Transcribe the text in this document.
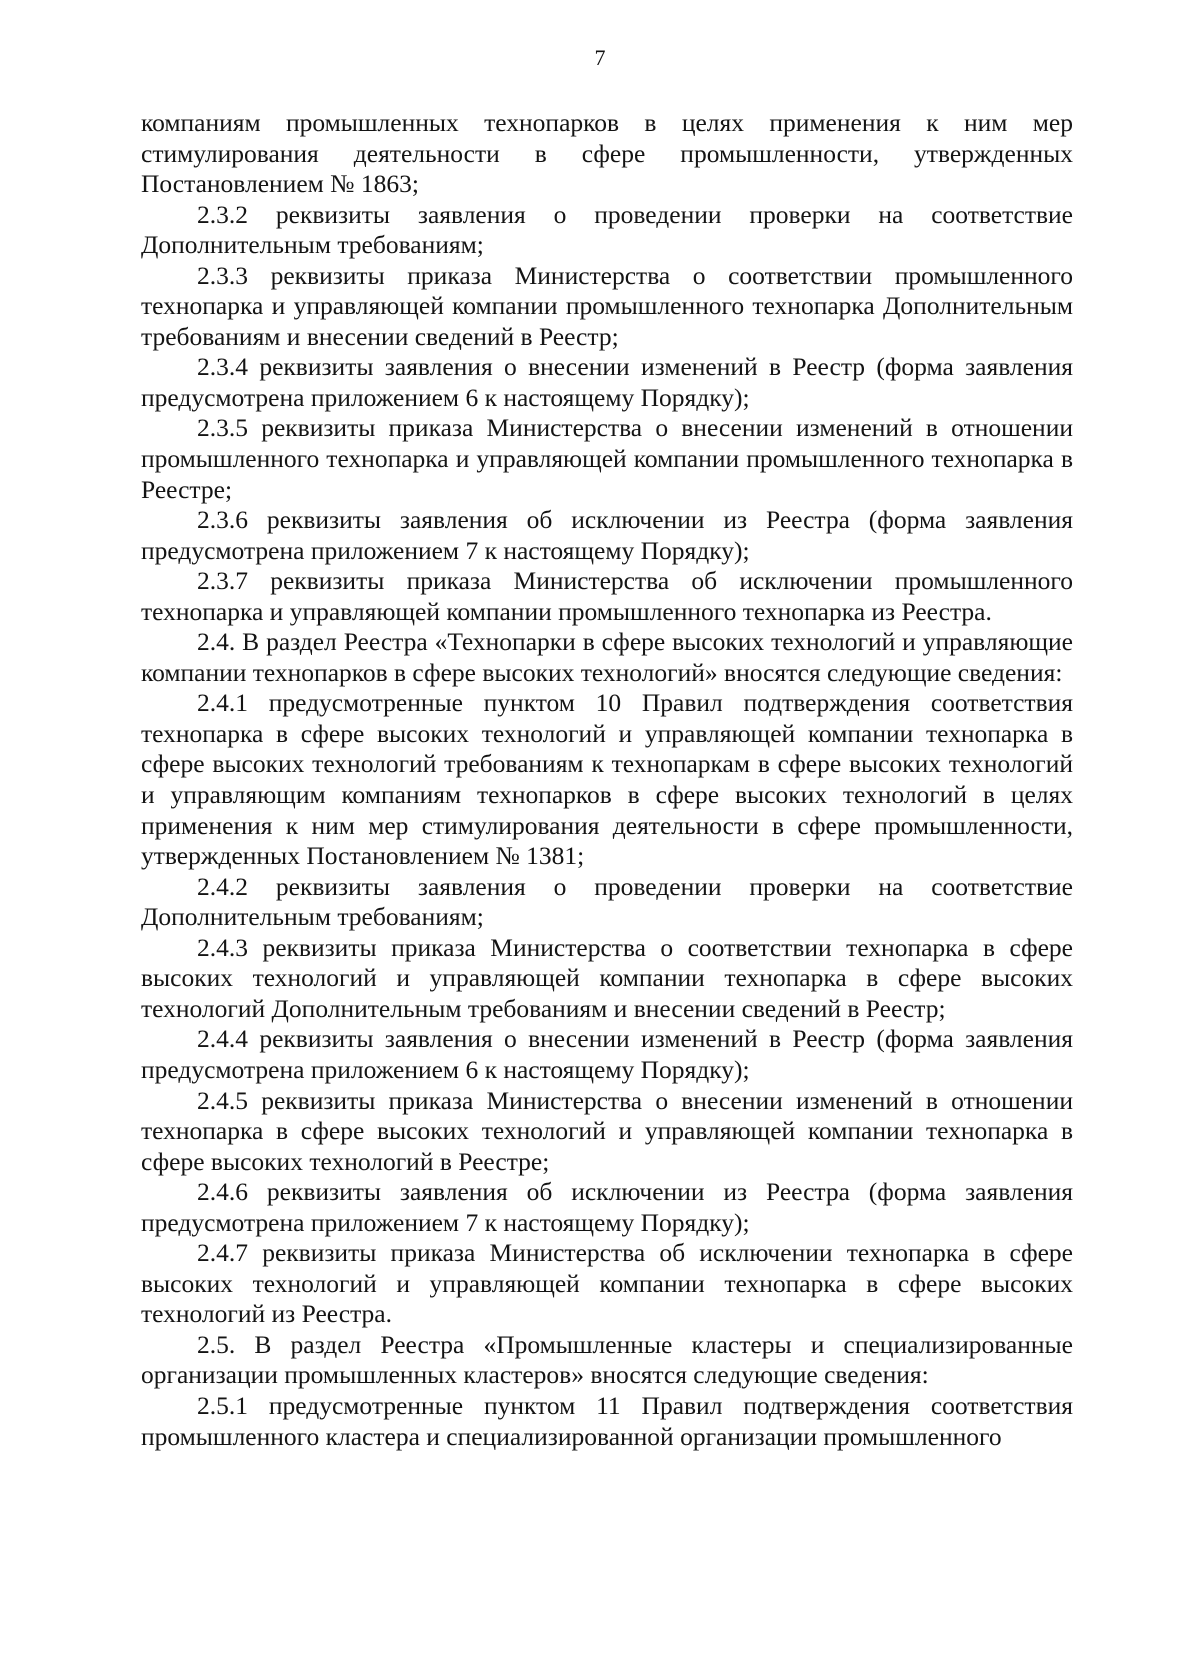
7

компаниям промышленных технопарков в целях применения к ним мер стимулирования деятельности в сфере промышленности, утвержденных Постановлением № 1863;

2.3.2 реквизиты заявления о проведении проверки на соответствие Дополнительным требованиям;

2.3.3 реквизиты приказа Министерства о соответствии промышленного технопарка и управляющей компании промышленного технопарка Дополнительным требованиям и внесении сведений в Реестр;

2.3.4 реквизиты заявления о внесении изменений в Реестр (форма заявления предусмотрена приложением 6 к настоящему Порядку);

2.3.5 реквизиты приказа Министерства о внесении изменений в отношении промышленного технопарка и управляющей компании промышленного технопарка в Реестре;

2.3.6 реквизиты заявления об исключении из Реестра (форма заявления предусмотрена приложением 7 к настоящему Порядку);

2.3.7 реквизиты приказа Министерства об исключении промышленного технопарка и управляющей компании промышленного технопарка из Реестра.

2.4. В раздел Реестра «Технопарки в сфере высоких технологий и управляющие компании технопарков в сфере высоких технологий» вносятся следующие сведения:

2.4.1 предусмотренные пунктом 10 Правил подтверждения соответствия технопарка в сфере высоких технологий и управляющей компании технопарка в сфере высоких технологий требованиям к технопаркам в сфере высоких технологий и управляющим компаниям технопарков в сфере высоких технологий в целях применения к ним мер стимулирования деятельности в сфере промышленности, утвержденных Постановлением № 1381;

2.4.2 реквизиты заявления о проведении проверки на соответствие Дополнительным требованиям;

2.4.3 реквизиты приказа Министерства о соответствии технопарка в сфере высоких технологий и управляющей компании технопарка в сфере высоких технологий Дополнительным требованиям и внесении сведений в Реестр;

2.4.4 реквизиты заявления о внесении изменений в Реестр (форма заявления предусмотрена приложением 6 к настоящему Порядку);

2.4.5 реквизиты приказа Министерства о внесении изменений в отношении технопарка в сфере высоких технологий и управляющей компании технопарка в сфере высоких технологий в Реестре;

2.4.6 реквизиты заявления об исключении из Реестра (форма заявления предусмотрена приложением 7 к настоящему Порядку);

2.4.7 реквизиты приказа Министерства об исключении технопарка в сфере высоких технологий и управляющей компании технопарка в сфере высоких технологий из Реестра.

2.5. В раздел Реестра «Промышленные кластеры и специализированные организации промышленных кластеров» вносятся следующие сведения:

2.5.1 предусмотренные пунктом 11 Правил подтверждения соответствия промышленного кластера и специализированной организации промышленного
